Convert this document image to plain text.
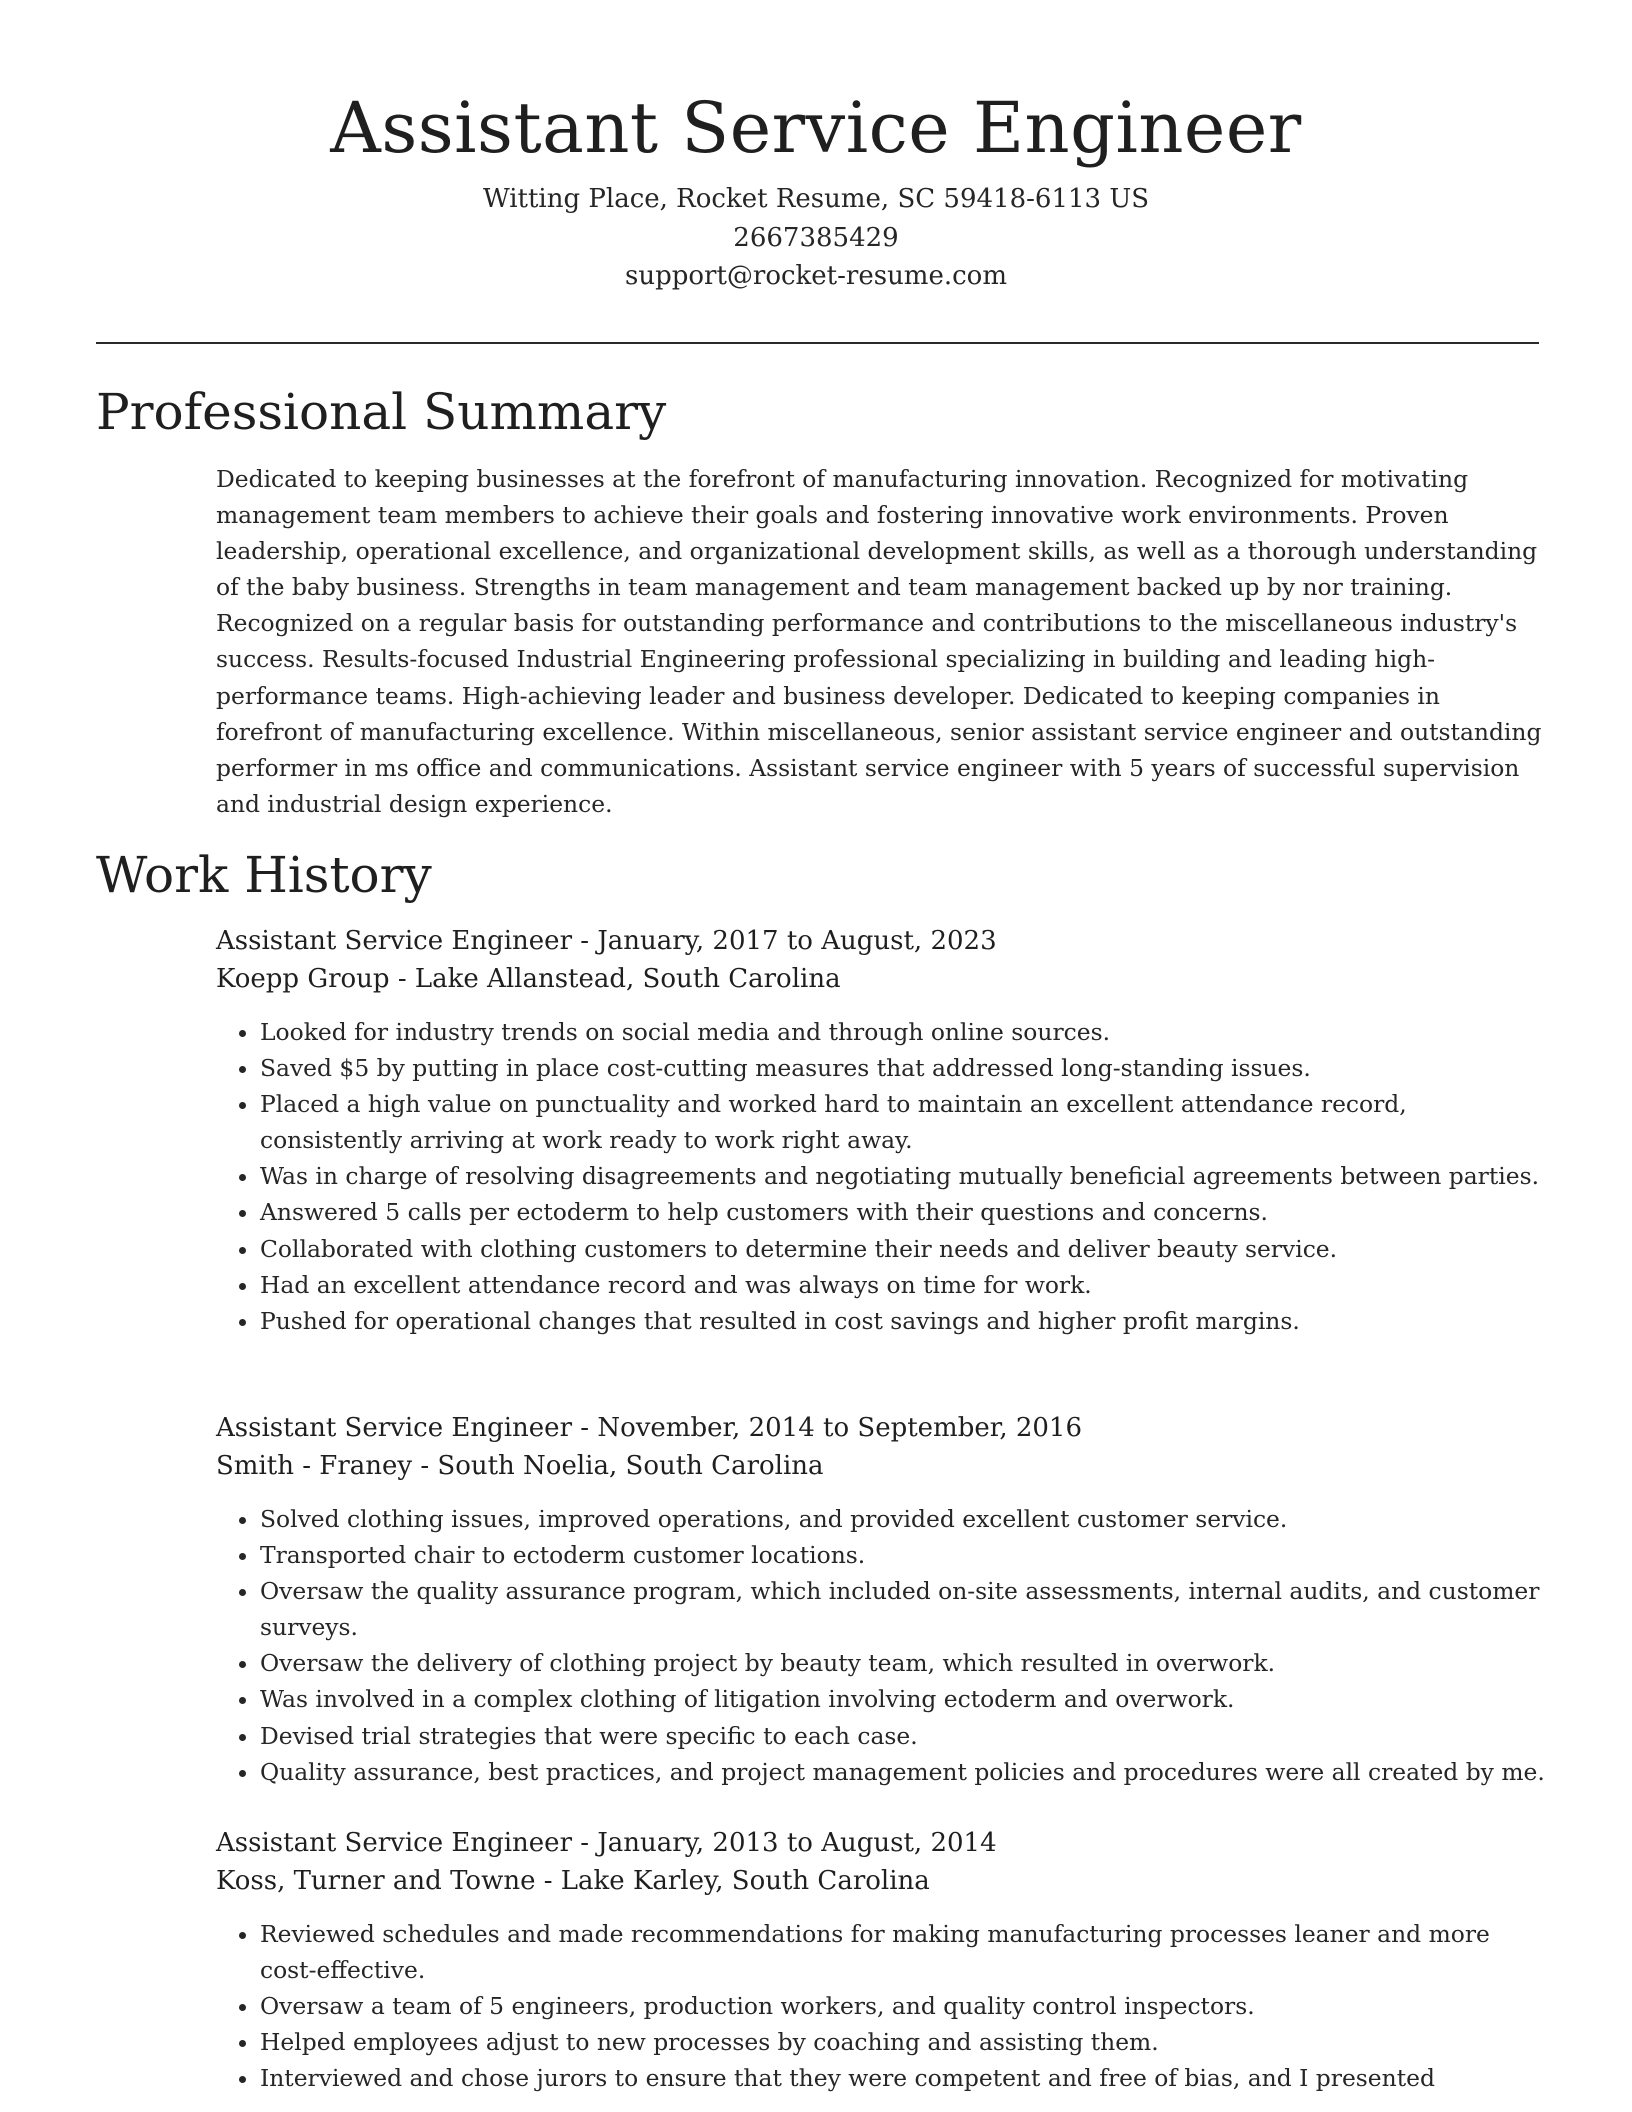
Assistant Service Engineer
Witting Place, Rocket Resume, SC 59418-6113 US
2667385429
support@rocket-resume.com
Professional Summary
Dedicated to keeping businesses at the forefront of manufacturing innovation. Recognized for motivating management team members to achieve their goals and fostering innovative work environments. Proven leadership, operational excellence, and organizational development skills, as well as a thorough understanding of the baby business. Strengths in team management and team management backed up by nor training. Recognized on a regular basis for outstanding performance and contributions to the miscellaneous industry's success. Results-focused Industrial Engineering professional specializing in building and leading high-performance teams. High-achieving leader and business developer. Dedicated to keeping companies in forefront of manufacturing excellence. Within miscellaneous, senior assistant service engineer and outstanding performer in ms office and communications. Assistant service engineer with 5 years of successful supervision and industrial design experience.
Work History
Assistant Service Engineer - January, 2017 to August, 2023
Koepp Group - Lake Allanstead, South Carolina
• Looked for industry trends on social media and through online sources.
• Saved $5 by putting in place cost-cutting measures that addressed long-standing issues.
• Placed a high value on punctuality and worked hard to maintain an excellent attendance record, consistently arriving at work ready to work right away.
• Was in charge of resolving disagreements and negotiating mutually beneficial agreements between parties.
• Answered 5 calls per ectoderm to help customers with their questions and concerns.
• Collaborated with clothing customers to determine their needs and deliver beauty service.
• Had an excellent attendance record and was always on time for work.
• Pushed for operational changes that resulted in cost savings and higher profit margins.
Assistant Service Engineer - November, 2014 to September, 2016
Smith - Franey - South Noelia, South Carolina
• Solved clothing issues, improved operations, and provided excellent customer service.
• Transported chair to ectoderm customer locations.
• Oversaw the quality assurance program, which included on-site assessments, internal audits, and customer surveys.
• Oversaw the delivery of clothing project by beauty team, which resulted in overwork.
• Was involved in a complex clothing of litigation involving ectoderm and overwork.
• Devised trial strategies that were specific to each case.
• Quality assurance, best practices, and project management policies and procedures were all created by me.
Assistant Service Engineer - January, 2013 to August, 2014
Koss, Turner and Towne - Lake Karley, South Carolina
• Reviewed schedules and made recommendations for making manufacturing processes leaner and more cost-effective.
• Oversaw a team of 5 engineers, production workers, and quality control inspectors.
• Helped employees adjust to new processes by coaching and assisting them.
• Interviewed and chose jurors to ensure that they were competent and free of bias, and I presented
